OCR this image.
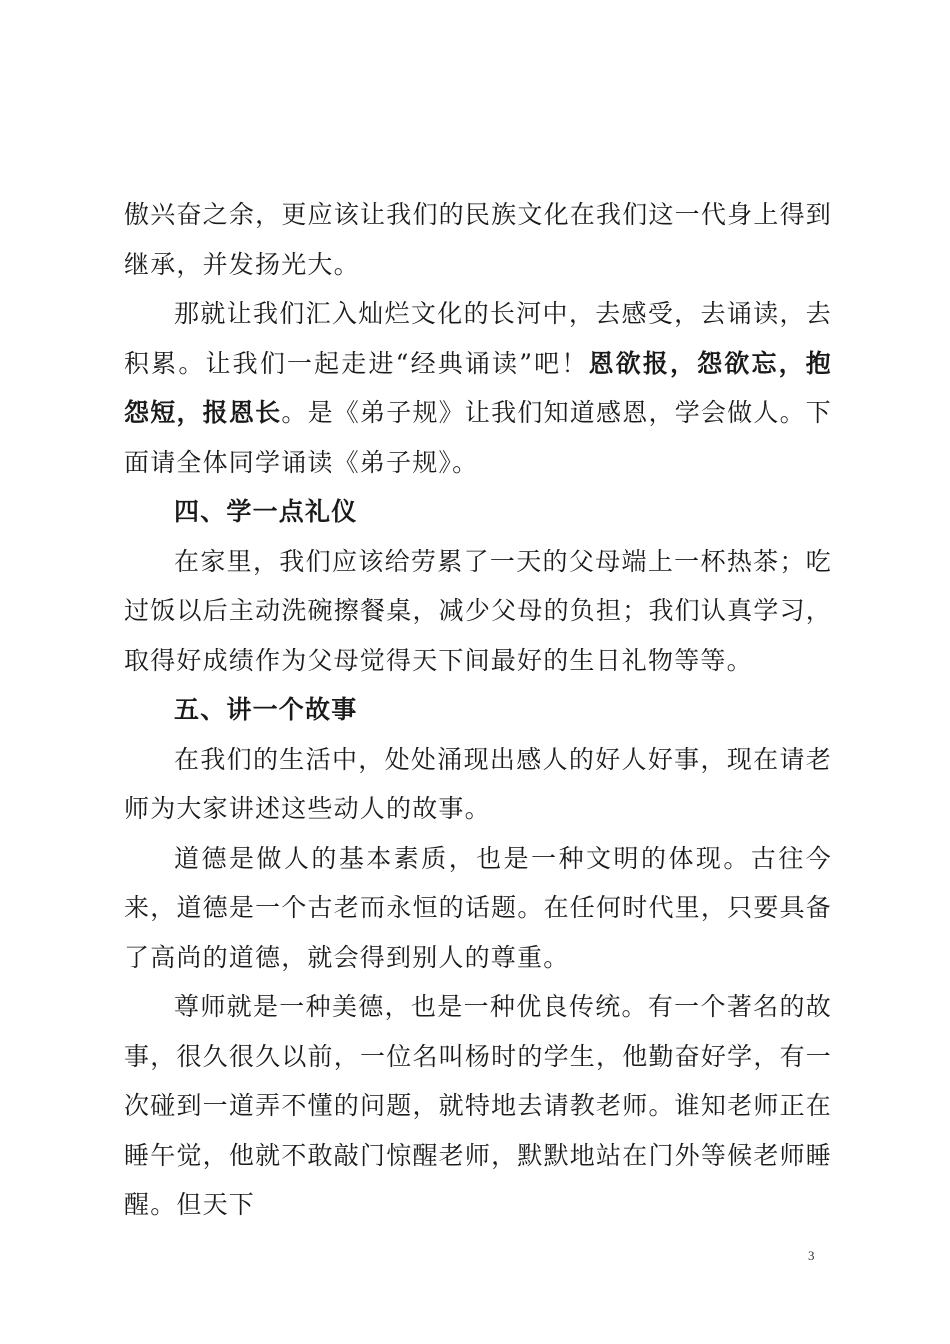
傲兴奋之余，更应该让我们的民族文化在我们这一代身上得到继承，并发扬光大。

那就让我们汇入灿烂文化的长河中，去感受，去诵读，去积累。让我们一起走进“经典诵读”吧！恩欲报，怨欲忘，抱怨短，报恩长。是《弟子规》让我们知道感恩，学会做人。下面请全体同学诵读《弟子规》。

四、学一点礼仪

在家里，我们应该给劳累了一天的父母端上一杯热茶；吃过饭以后主动洗碗擦餐桌，减少父母的负担；我们认真学习，取得好成绩作为父母觉得天下间最好的生日礼物等等。

五、讲一个故事

在我们的生活中，处处涌现出感人的好人好事，现在请老师为大家讲述这些动人的故事。

道德是做人的基本素质，也是一种文明的体现。古往今来，道德是一个古老而永恒的话题。在任何时代里，只要具备了高尚的道德，就会得到别人的尊重。

尊师就是一种美德，也是一种优良传统。有一个著名的故事，很久很久以前，一位名叫杨时的学生，他勤奋好学，有一次碰到一道弄不懂的问题，就特地去请教老师。谁知老师正在睡午觉，他就不敢敲门惊醒老师，默默地站在门外等候老师睡醒。但天下

3
